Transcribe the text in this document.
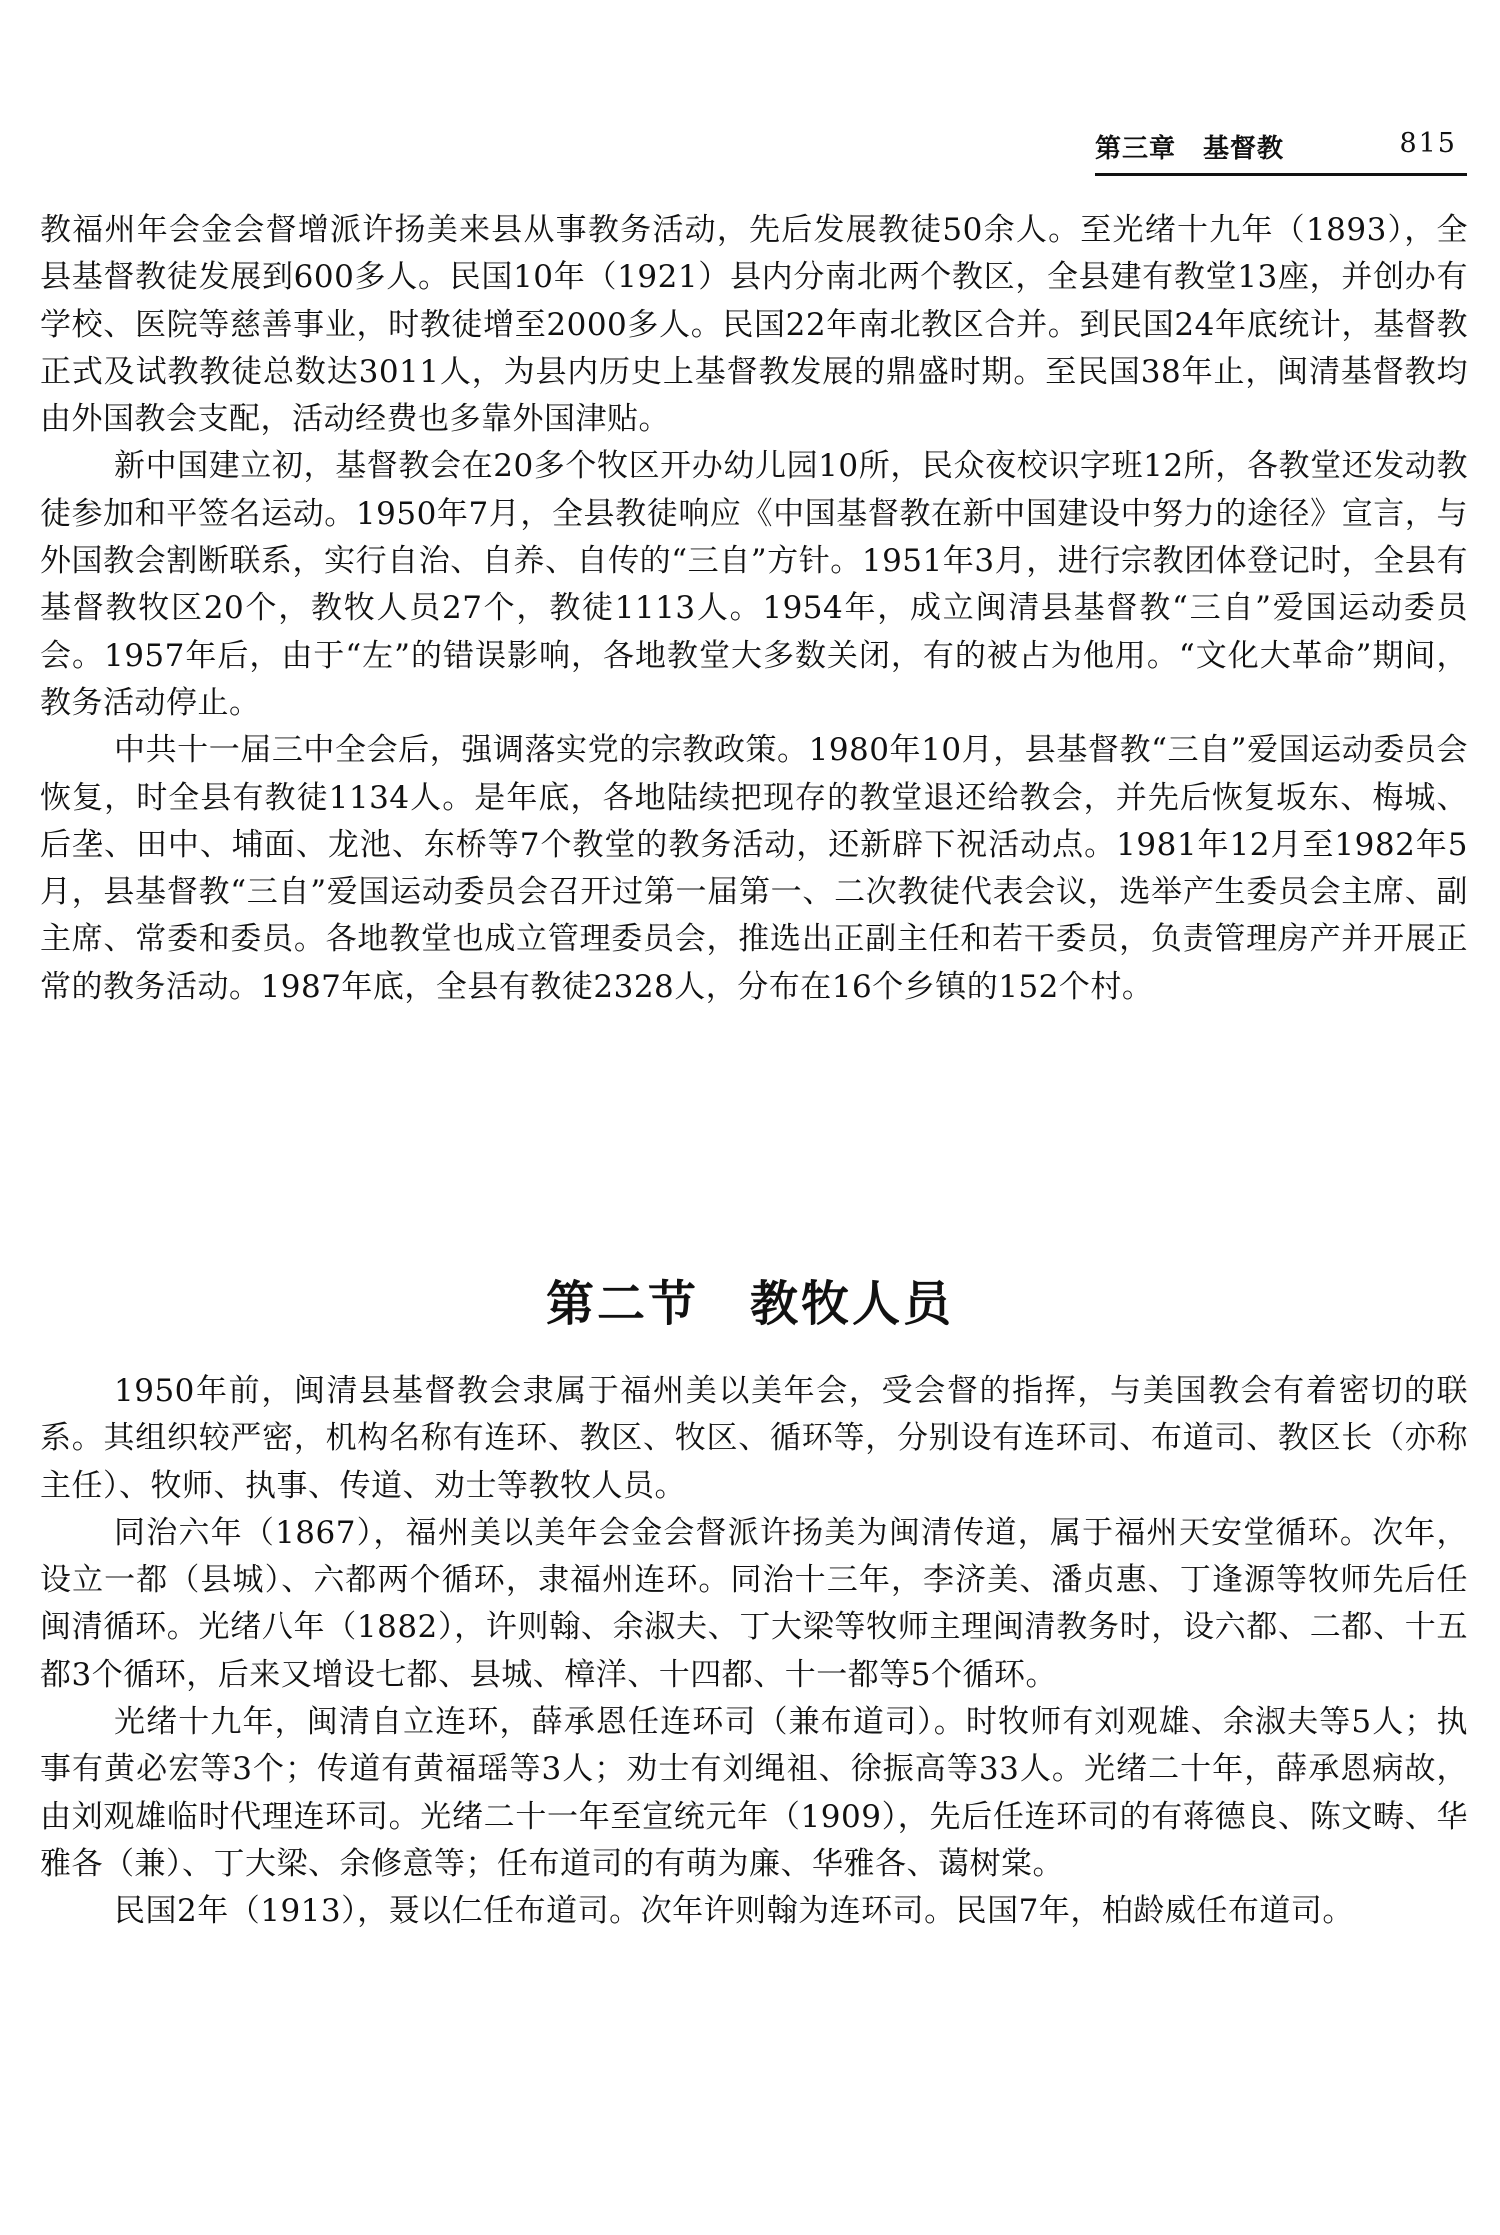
第三章　基督教	815

教福州年会金会督增派许扬美来县从事教务活动，先后发展教徒50余人。至光绪十九年（1893），全县基督教徒发展到600多人。民国10年（1921）县内分南北两个教区，全县建有教堂13座，并创办有学校、医院等慈善事业，时教徒增至2000多人。民国22年南北教区合并。到民国24年底统计，基督教正式及试教教徒总数达3011人，为县内历史上基督教发展的鼎盛时期。至民国38年止，闽清基督教均由外国教会支配，活动经费也多靠外国津贴。

新中国建立初，基督教会在20多个牧区开办幼儿园10所，民众夜校识字班12所，各教堂还发动教徒参加和平签名运动。1950年7月，全县教徒响应《中国基督教在新中国建设中努力的途径》宣言，与外国教会割断联系，实行自治、自养、自传的“三自”方针。1951年3月，进行宗教团体登记时，全县有基督教牧区20个，教牧人员27个，教徒1113人。1954年，成立闽清县基督教“三自”爱国运动委员会。1957年后，由于“左”的错误影响，各地教堂大多数关闭，有的被占为他用。“文化大革命”期间，教务活动停止。

中共十一届三中全会后，强调落实党的宗教政策。1980年10月，县基督教“三自”爱国运动委员会恢复，时全县有教徒1134人。是年底，各地陆续把现存的教堂退还给教会，并先后恢复坂东、梅城、后垄、田中、埔面、龙池、东桥等7个教堂的教务活动，还新辟下祝活动点。1981年12月至1982年5月，县基督教“三自”爱国运动委员会召开过第一届第一、二次教徒代表会议，选举产生委员会主席、副主席、常委和委员。各地教堂也成立管理委员会，推选出正副主任和若干委员，负责管理房产并开展正常的教务活动。1987年底，全县有教徒2328人，分布在16个乡镇的152个村。

第二节　教牧人员

1950年前，闽清县基督教会隶属于福州美以美年会，受会督的指挥，与美国教会有着密切的联系。其组织较严密，机构名称有连环、教区、牧区、循环等，分别设有连环司、布道司、教区长（亦称主任）、牧师、执事、传道、劝士等教牧人员。

同治六年（1867），福州美以美年会金会督派许扬美为闽清传道，属于福州天安堂循环。次年，设立一都（县城）、六都两个循环，隶福州连环。同治十三年，李济美、潘贞惠、丁逢源等牧师先后任闽清循环。光绪八年（1882），许则翰、余淑夫、丁大梁等牧师主理闽清教务时，设六都、二都、十五都3个循环，后来又增设七都、县城、樟洋、十四都、十一都等5个循环。

光绪十九年，闽清自立连环，薛承恩任连环司（兼布道司）。时牧师有刘观雄、余淑夫等5人；执事有黄必宏等3个；传道有黄福瑶等3人；劝士有刘绳祖、徐振高等33人。光绪二十年，薛承恩病故，由刘观雄临时代理连环司。光绪二十一年至宣统元年（1909），先后任连环司的有蒋德良、陈文畴、华雅各（兼）、丁大梁、余修意等；任布道司的有萌为廉、华雅各、蔼树棠。

民国2年（1913），聂以仁任布道司。次年许则翰为连环司。民国7年，柏龄威任布道司。
